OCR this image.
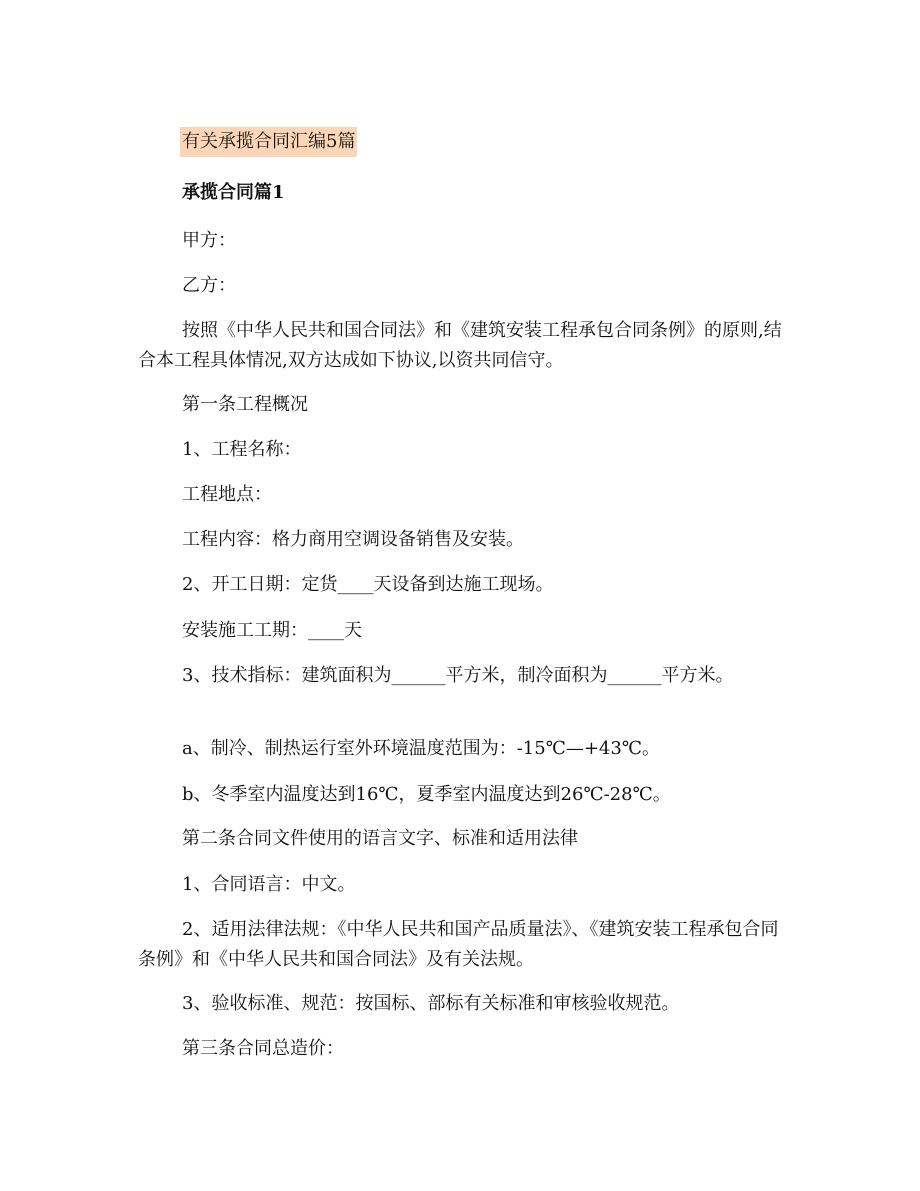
有关承揽合同汇编5篇
承揽合同篇1

甲方：

乙方：

按照《中华人民共和国合同法》和《建筑安装工程承包合同条例》的原则,结合本工程具体情况,双方达成如下协议,以资共同信守。

第一条工程概况

1、工程名称：

工程地点：

工程内容：格力商用空调设备销售及安装。

2、开工日期：定货____天设备到达施工现场。

安装施工工期：____天

3、技术指标：建筑面积为______平方米，制冷面积为______平方米。

a、制冷、制热运行室外环境温度范围为：-15℃—+43℃。

b、冬季室内温度达到16℃，夏季室内温度达到26℃-28℃。

第二条合同文件使用的语言文字、标准和适用法律

1、合同语言：中文。

2、适用法律法规：《中华人民共和国产品质量法》、《建筑安装工程承包合同条例》和《中华人民共和国合同法》及有关法规。

3、验收标准、规范：按国标、部标有关标准和审核验收规范。

第三条合同总造价：
